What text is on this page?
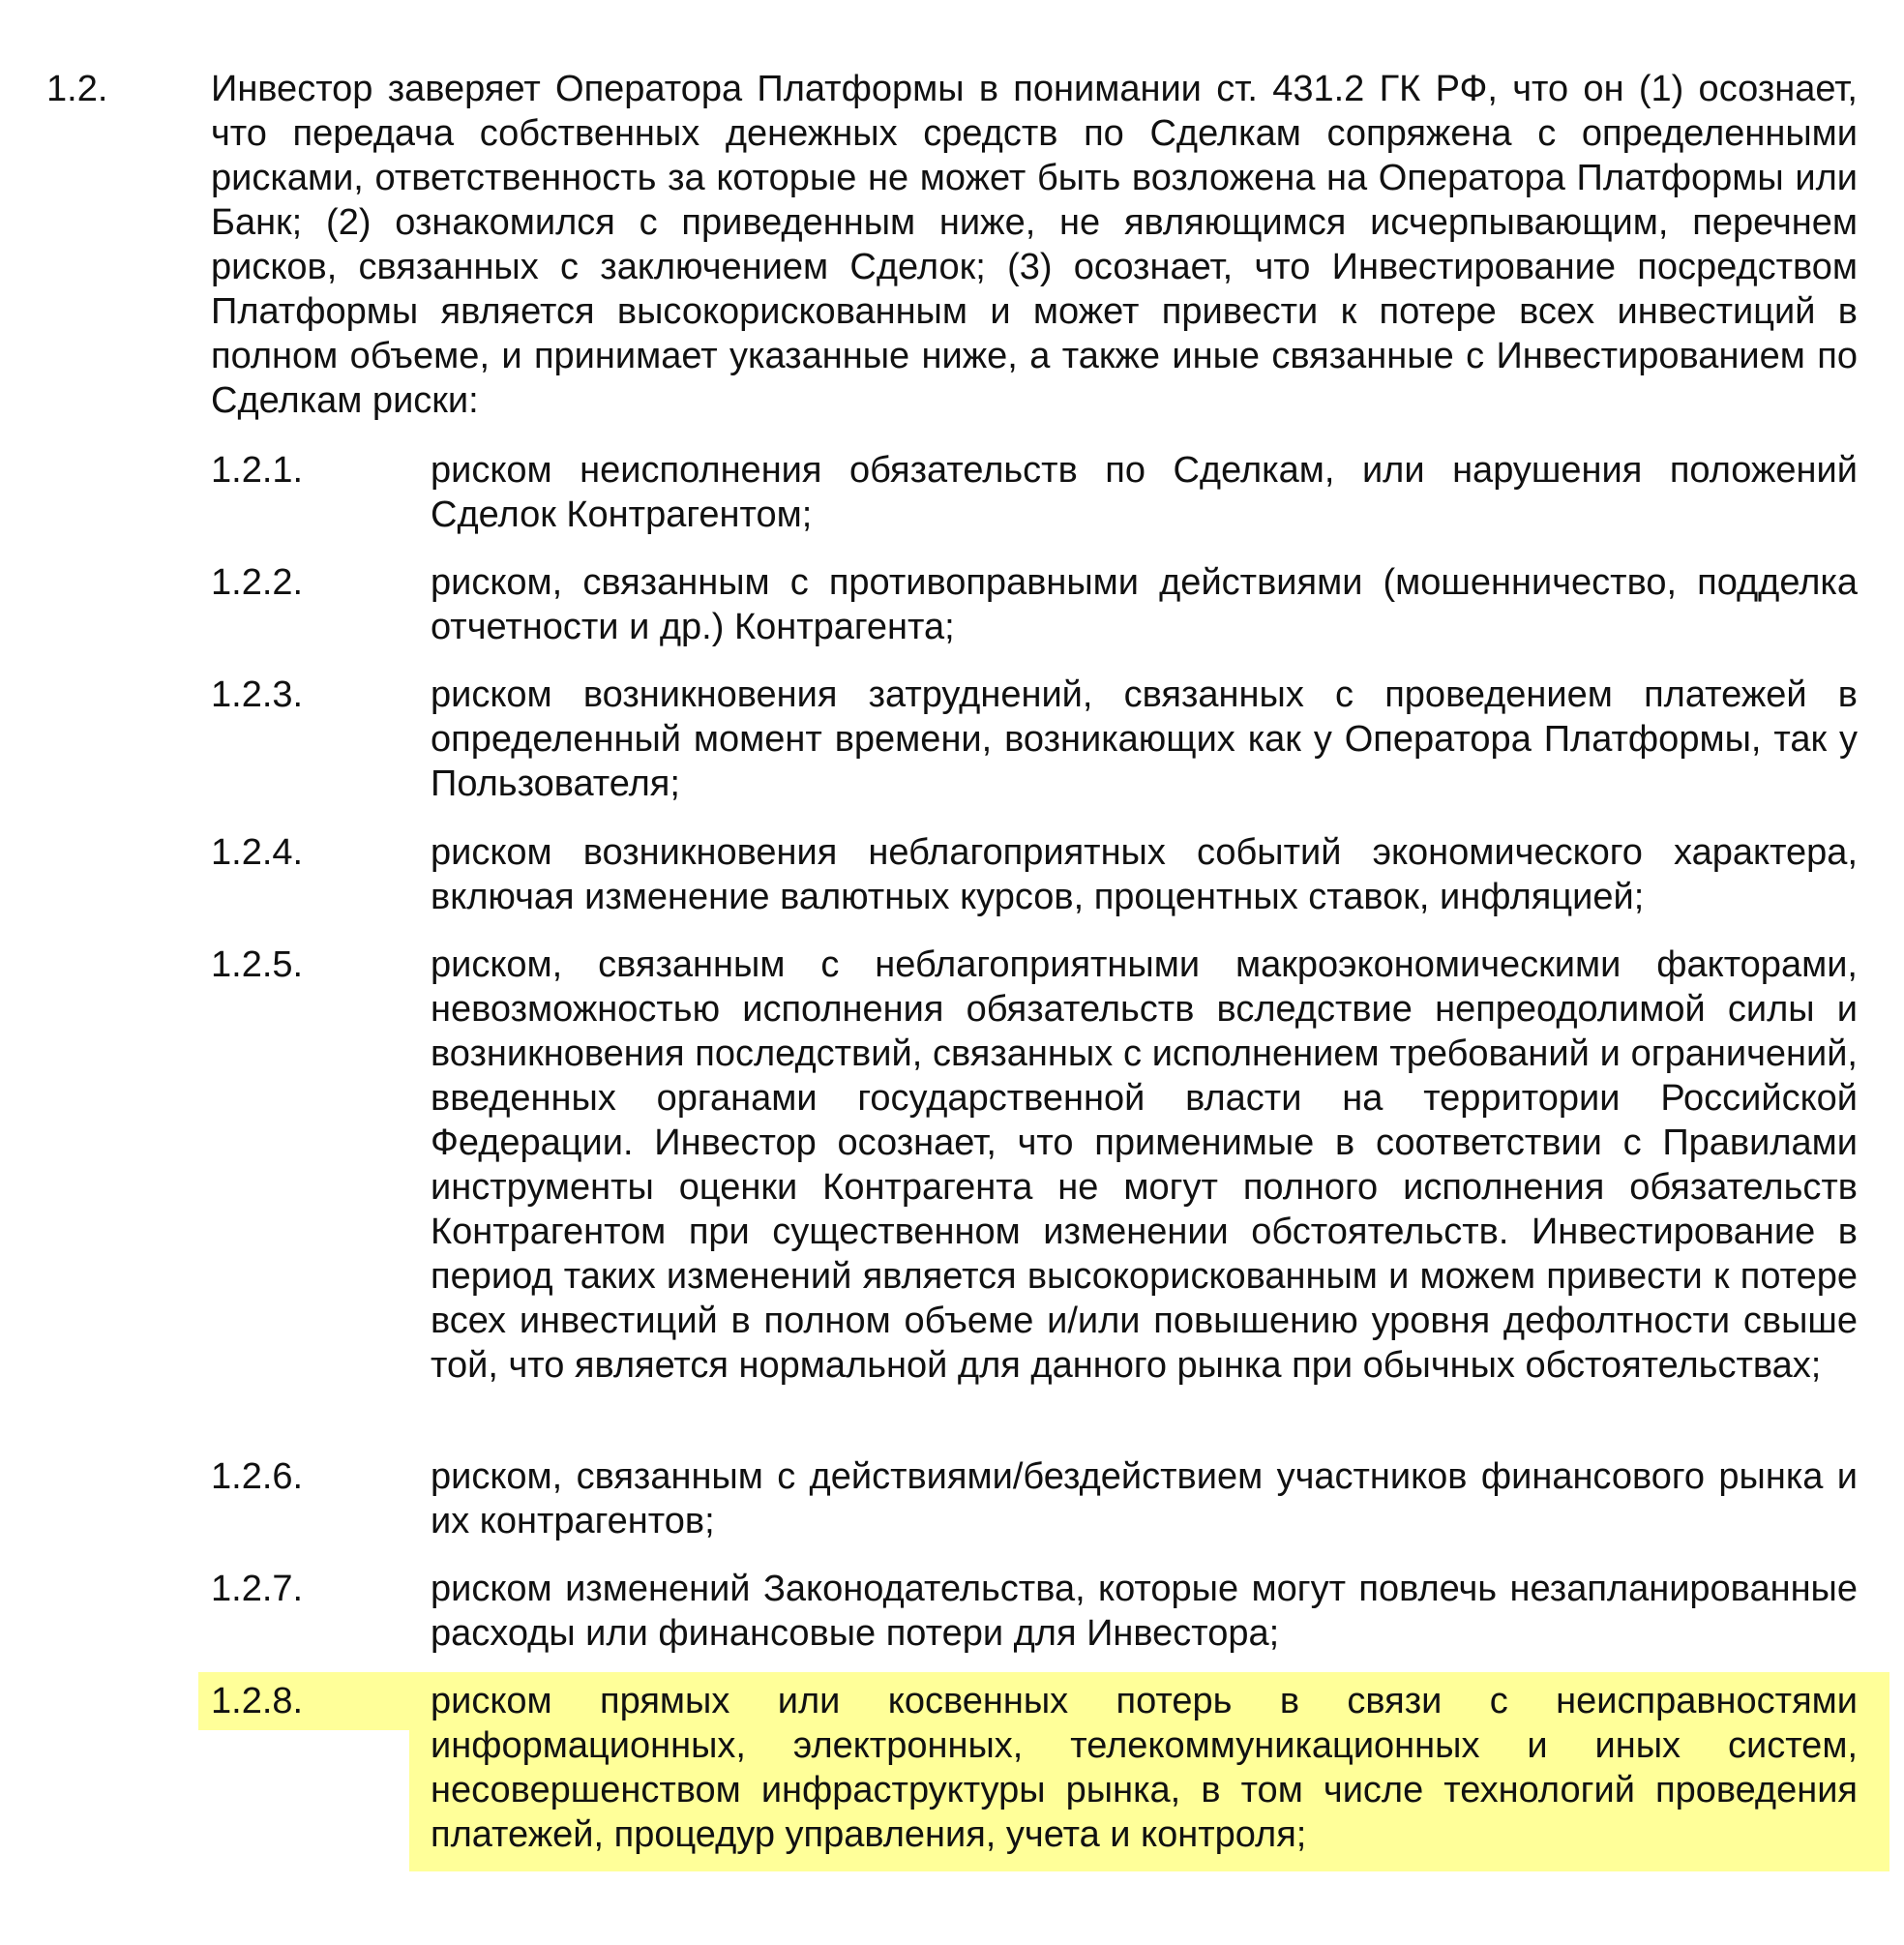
1.2.	Инвестор заверяет Оператора Платформы в понимании ст. 431.2 ГК РФ, что он (1) осознает, что передача собственных денежных средств по Сделкам сопряжена с определенными рисками, ответственность за которые не может быть возложена на Оператора Платформы или Банк; (2) ознакомился с приведенным ниже, не являющимся исчерпывающим, перечнем рисков, связанных с заключением Сделок; (3) осознает, что Инвестирование посредством Платформы является высокорискованным и может привести к потере всех инвестиций в полном объеме, и принимает указанные ниже, а также иные связанные с Инвестированием по Сделкам риски:

1.2.1.	риском неисполнения обязательств по Сделкам, или нарушения положений Сделок Контрагентом;

1.2.2.	риском, связанным с противоправными действиями (мошенничество, подделка отчетности и др.) Контрагента;

1.2.3.	риском возникновения затруднений, связанных с проведением платежей в определенный момент времени, возникающих как у Оператора Платформы, так у Пользователя;

1.2.4.	риском возникновения неблагоприятных событий экономического характера, включая изменение валютных курсов, процентных ставок, инфляцией;

1.2.5.	риском, связанным с неблагоприятными макроэкономическими факторами, невозможностью исполнения обязательств вследствие непреодолимой силы и возникновения последствий, связанных с исполнением требований и ограничений, введенных органами государственной власти на территории Российской Федерации. Инвестор осознает, что применимые в соответствии с Правилами инструменты оценки Контрагента не могут полного исполнения обязательств Контрагентом при существенном изменении обстоятельств. Инвестирование в период таких изменений является высокорискованным и можем привести к потере всех инвестиций в полном объеме и/или повышению уровня дефолтности свыше той, что является нормальной для данного рынка при обычных обстоятельствах;

1.2.6.	риском, связанным с действиями/бездействием участников финансового рынка и их контрагентов;

1.2.7.	риском изменений Законодательства, которые могут повлечь незапланированные расходы или финансовые потери для Инвестора;

1.2.8.	риском прямых или косвенных потерь в связи с неисправностями информационных, электронных, телекоммуникационных и иных систем, несовершенством инфраструктуры рынка, в том числе технологий проведения платежей, процедур управления, учета и контроля;
